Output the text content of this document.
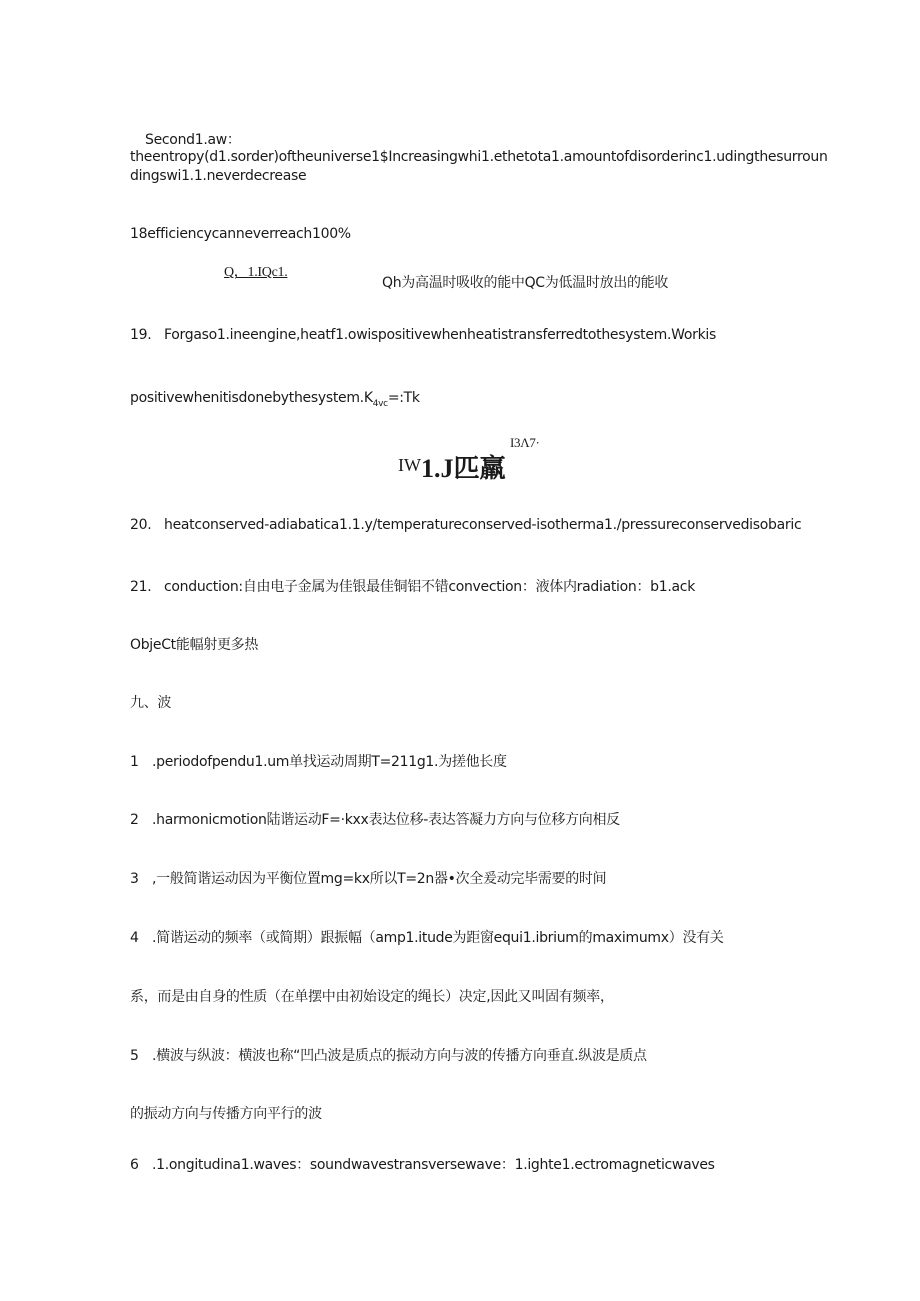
Second1.aw：
theentropy(d1.sorder)oftheuniverse1$Increasingwhi1.ethetota1.amountofdisorderinc1.udingthesurroun
dingswi1.1.neverdecrease
18efficiencycanneverreach100%
Q，1.IQc1.
Qh为高温时吸收的能中QC为低温时放出的能收
19. Forgaso1.ineengine,heatf1.owispositivewhenheatistransferredtothesystem.Workis
$positivewhenitisdonebythesystem.K_{4vc}=:Tk$
I3Λ7·
$^{IW}$1.J匹羸
20. heatconserved-adiabatica1.1.y/temperatureconserved-isotherma1./pressureconservedisobaric
21. conduction:自由电子金属为佳银最佳铜铝不错convection：液体内radiation：b1.ack
ObjeCt能幅射更多热
九、波
1 .periodofpendu1.um单找运动周期T=211g1.为搓他长度
2 .harmonicmotion陆谐运动F=·kxx表达位移-表达答凝力方向与位移方向相反
3 ,一般简谐运动因为平衡位置mg=kx所以T=2n器•次全爰动完毕需要的时间
4 .简谐运动的频率（或简期）跟振幅（amp1.itude为距窗equi1.ibrium的maximumx）没有关
系，而是由自身的性质（在单摆中由初始设定的绳长）决定,因此又叫固有频率，
5 .横波与纵波：横波也称“凹凸波是质点的振动方向与波的传播方向垂直.纵波是质点
的振动方向与传播方向平行的波
6 .1.ongitudina1.waves：soundwavestransversewave：1.ighte1.ectromagneticwaves
